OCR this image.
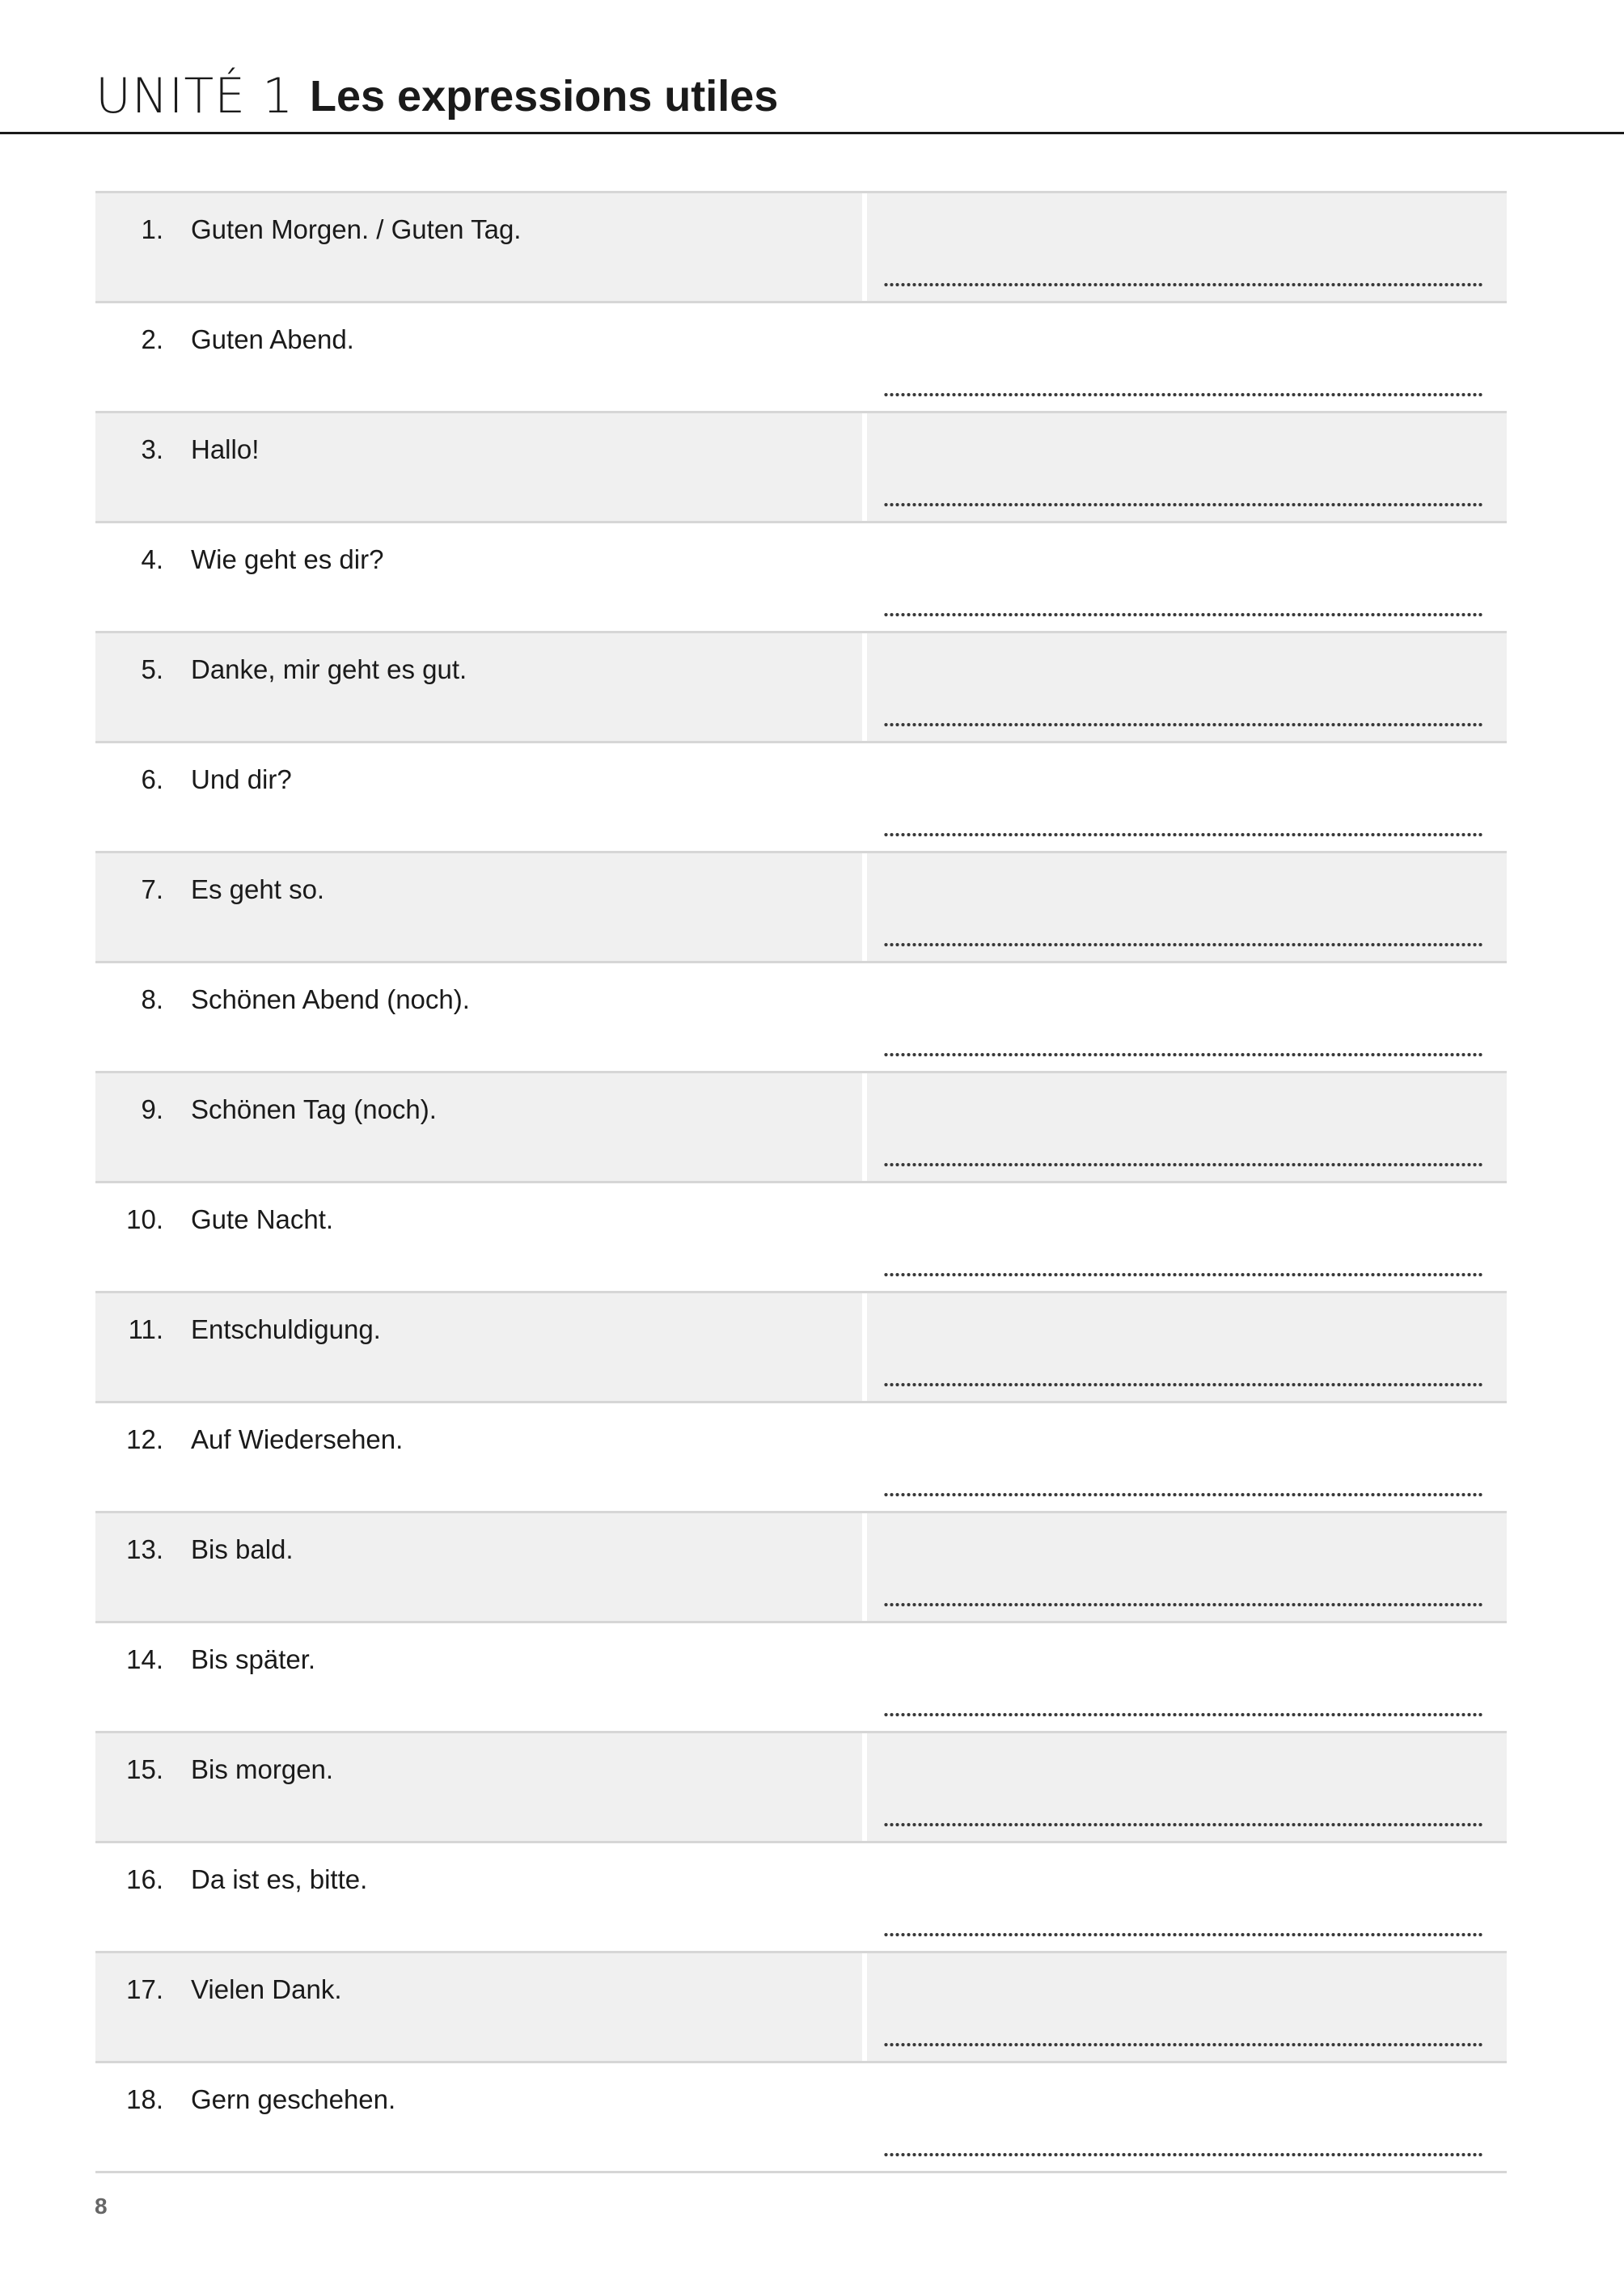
UNITÉ 1 Les expressions utiles
1. Guten Morgen. / Guten Tag.
2. Guten Abend.
3. Hallo!
4. Wie geht es dir?
5. Danke, mir geht es gut.
6. Und dir?
7. Es geht so.
8. Schönen Abend (noch).
9. Schönen Tag (noch).
10. Gute Nacht.
11. Entschuldigung.
12. Auf Wiedersehen.
13. Bis bald.
14. Bis später.
15. Bis morgen.
16. Da ist es, bitte.
17. Vielen Dank.
18. Gern geschehen.
8
